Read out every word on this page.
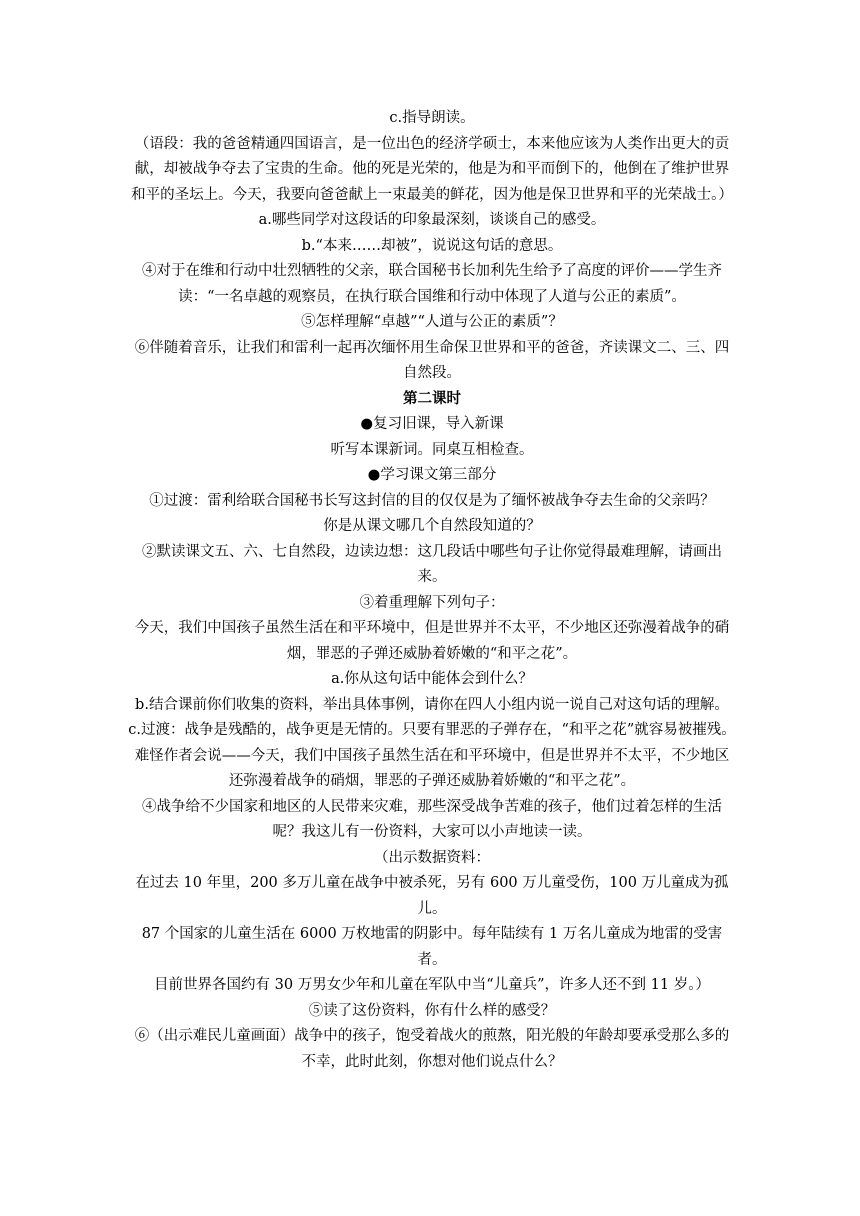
c.指导朗读。

（语段：我的爸爸精通四国语言，是一位出色的经济学硕士，本来他应该为人类作出更大的贡献，却被战争夺去了宝贵的生命。他的死是光荣的，他是为和平而倒下的，他倒在了维护世界和平的圣坛上。今天，我要向爸爸献上一束最美的鲜花，因为他是保卫世界和平的光荣战士。）

a.哪些同学对这段话的印象最深刻，谈谈自己的感受。

b.“本来……却被”，说说这句话的意思。

④对于在维和行动中壮烈牺牲的父亲，联合国秘书长加利先生给予了高度的评价——学生齐读：“一名卓越的观察员，在执行联合国维和行动中体现了人道与公正的素质”。

⑤怎样理解“卓越”“人道与公正的素质”？

⑥伴随着音乐，让我们和雷利一起再次缅怀用生命保卫世界和平的爸爸，齐读课文二、三、四自然段。

第二课时

●复习旧课，导入新课

听写本课新词。同桌互相检查。

●学习课文第三部分

①过渡：雷利给联合国秘书长写这封信的目的仅仅是为了缅怀被战争夺去生命的父亲吗？

你是从课文哪几个自然段知道的？

②默读课文五、六、七自然段，边读边想：这几段话中哪些句子让你觉得最难理解，请画出来。

③着重理解下列句子：

今天，我们中国孩子虽然生活在和平环境中，但是世界并不太平，不少地区还弥漫着战争的硝烟，罪恶的子弹还威胁着娇嫩的“和平之花”。

a.你从这句话中能体会到什么？

b.结合课前你们收集的资料，举出具体事例，请你在四人小组内说一说自己对这句话的理解。

c.过渡：战争是残酷的，战争更是无情的。只要有罪恶的子弹存在，“和平之花”就容易被摧残。难怪作者会说——今天，我们中国孩子虽然生活在和平环境中，但是世界并不太平，不少地区还弥漫着战争的硝烟，罪恶的子弹还威胁着娇嫩的“和平之花”。

④战争给不少国家和地区的人民带来灾难，那些深受战争苦难的孩子，他们过着怎样的生活呢？我这儿有一份资料，大家可以小声地读一读。

（出示数据资料：

在过去 10 年里，200 多万儿童在战争中被杀死，另有 600 万儿童受伤，100 万儿童成为孤儿。

87 个国家的儿童生活在 6000 万枚地雷的阴影中。每年陆续有 1 万名儿童成为地雷的受害者。

目前世界各国约有 30 万男女少年和儿童在军队中当“儿童兵”，许多人还不到 11 岁。）

⑤读了这份资料，你有什么样的感受？

⑥（出示难民儿童画面）战争中的孩子，饱受着战火的煎熬，阳光般的年龄却要承受那么多的不幸，此时此刻，你想对他们说点什么？
